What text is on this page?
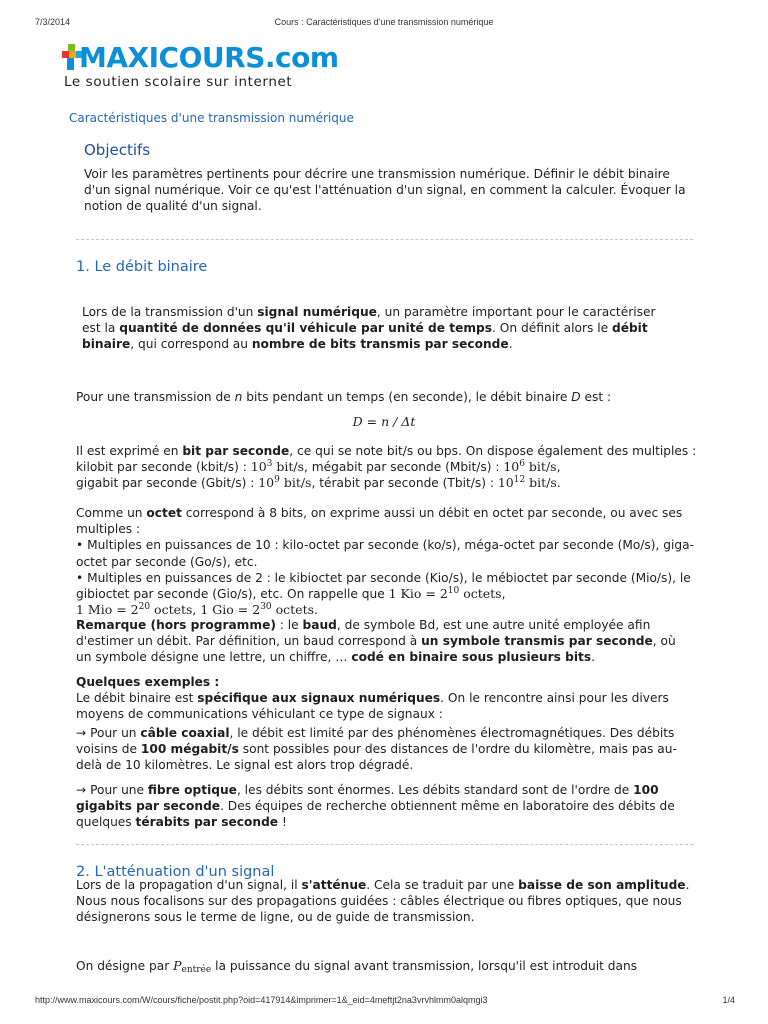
7/3/2014	Cours : Caractéristiques d'une transmission numérique
MAXICOURS.com
Le soutien scolaire sur internet
Caractéristiques d'une transmission numérique
Objectifs

Voir les paramètres pertinents pour décrire une transmission numérique. Définir le débit binaire d'un signal numérique. Voir ce qu'est l'atténuation d'un signal, en comment la calculer. Évoquer la notion de qualité d'un signal.

1. Le débit binaire

Lors de la transmission d'un signal numérique, un paramètre important pour le caractériser est la quantité de données qu'il véhicule par unité de temps. On définit alors le débit binaire, qui correspond au nombre de bits transmis par seconde.

Pour une transmission de n bits pendant un temps (en seconde), le débit binaire D est :

D = n / Δt

Il est exprimé en bit par seconde, ce qui se note bit/s ou bps. On dispose également des multiples : kilobit par seconde (kbit/s) : $10^3$ bit/s, mégabit par seconde (Mbit/s) : $10^6$ bit/s,
gigabit par seconde (Gbit/s) : $10^9$ bit/s, térabit par seconde (Tbit/s) : $10^{12}$ bit/s.

Comme un octet correspond à 8 bits, on exprime aussi un débit en octet par seconde, ou avec ses multiples :
• Multiples en puissances de 10 : kilo-octet par seconde (ko/s), méga-octet par seconde (Mo/s), giga-octet par seconde (Go/s), etc.
• Multiples en puissances de 2 : le kibioctet par seconde (Kio/s), le mébioctet par seconde (Mio/s), le gibioctet par seconde (Gio/s), etc. On rappelle que 1 Kio = $2^{10}$ octets,
1 Mio = $2^{20}$ octets, 1 Gio = $2^{30}$ octets.

Remarque (hors programme) : le baud, de symbole Bd, est une autre unité employée afin d'estimer un débit. Par définition, un baud correspond à un symbole transmis par seconde, où un symbole désigne une lettre, un chiffre, … codé en binaire sous plusieurs bits.

Quelques exemples :
Le débit binaire est spécifique aux signaux numériques. On le rencontre ainsi pour les divers moyens de communications véhiculant ce type de signaux :

→ Pour un câble coaxial, le débit est limité par des phénomènes électromagnétiques. Des débits voisins de 100 mégabit/s sont possibles pour des distances de l'ordre du kilomètre, mais pas au-delà de 10 kilomètres. Le signal est alors trop dégradé.

→ Pour une fibre optique, les débits sont énormes. Les débits standard sont de l'ordre de 100 gigabits par seconde. Des équipes de recherche obtiennent même en laboratoire des débits de quelques térabits par seconde !

2. L'atténuation d'un signal

Lors de la propagation d'un signal, il s'atténue. Cela se traduit par une baisse de son amplitude. Nous nous focalisons sur des propagations guidées : câbles électrique ou fibres optiques, que nous désignerons sous le terme de ligne, ou de guide de transmission.

On désigne par $P_{entrée}$ la puissance du signal avant transmission, lorsqu'il est introduit dans

http://www.maxicours.com/W/cours/fiche/postit.php?oid=417914&imprimer=1&_eid=4meftjt2na3vrvhlmm0alqmgi3	1/4
